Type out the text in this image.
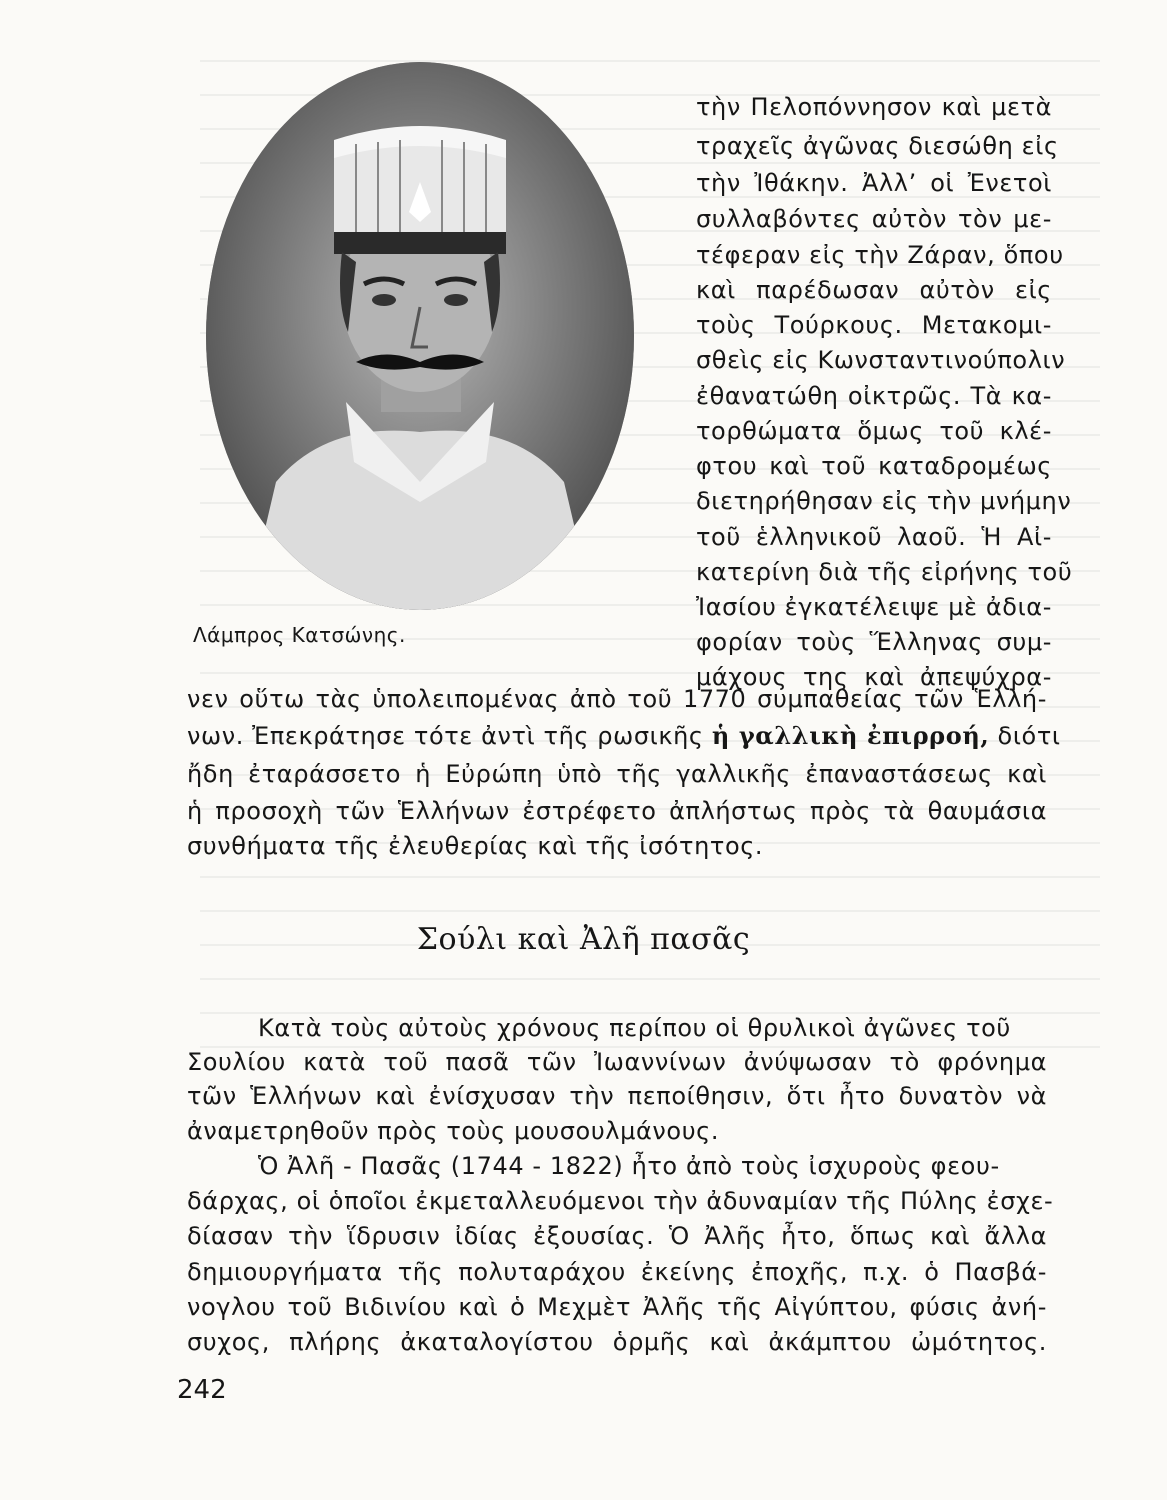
Λάμπρος Κατσώνης.
τὴν Πελοπόννησον καὶ μετὰ
τραχεῖς ἀγῶνας διεσώθη εἰς
τὴν Ἰθάκην. Ἀλλ’ οἱ Ἐνετοὶ
συλλαβόντες αὐτὸν τὸν με-
τέφεραν εἰς τὴν Ζάραν, ὅπου
καὶ παρέδωσαν αὐτὸν εἰς
τοὺς Τούρκους. Μετακομι-
σθεὶς εἰς Κωνσταντινούπολιν
ἐθανατώθη οἰκτρῶς. Τὰ κα-
τορθώματα ὅμως τοῦ κλέ-
φτου καὶ τοῦ καταδρομέως
διετηρήθησαν εἰς τὴν μνήμην
τοῦ ἑλληνικοῦ λαοῦ. Ἡ Αἰ-
κατερίνη διὰ τῆς εἰρήνης τοῦ
Ἰασίου ἐγκατέλειψε μὲ ἀδια-
φορίαν τοὺς Ἕλληνας συμ-
μάχους της καὶ ἀπεψύχρα-
νεν οὕτω τὰς ὑπολειπομένας ἀπὸ τοῦ 1770 συμπαθείας τῶν Ἑλλή-
νων. Ἐπεκράτησε τότε ἀντὶ τῆς ρωσικῆς ἡ γαλλικὴ ἐπιρροή, διότι
ἤδη ἐταράσσετο ἡ Εὐρώπη ὑπὸ τῆς γαλλικῆς ἐπαναστάσεως καὶ
ἡ προσοχὴ τῶν Ἑλλήνων ἐστρέφετο ἀπλήστως πρὸς τὰ θαυμάσια
συνθήματα τῆς ἐλευθερίας καὶ τῆς ἰσότητος.
Σούλι καὶ Ἀλῆ πασᾶς
Κατὰ τοὺς αὐτοὺς χρόνους περίπου οἱ θρυλικοὶ ἀγῶνες τοῦ
Σουλίου κατὰ τοῦ πασᾶ τῶν Ἰωαννίνων ἀνύψωσαν τὸ φρόνημα
τῶν Ἑλλήνων καὶ ἐνίσχυσαν τὴν πεποίθησιν, ὅτι ἦτο δυνατὸν νὰ
ἀναμετρηθοῦν πρὸς τοὺς μουσουλμάνους.
Ὁ Ἀλῆ - Πασᾶς (1744 - 1822) ἦτο ἀπὸ τοὺς ἰσχυροὺς φεου-
δάρχας, οἱ ὁποῖοι ἐκμεταλλευόμενοι τὴν ἀδυναμίαν τῆς Πύλης ἐσχε-
δίασαν τὴν ἵδρυσιν ἰδίας ἐξουσίας. Ὁ Ἀλῆς ἦτο, ὅπως καὶ ἄλλα
δημιουργήματα τῆς πολυταράχου ἐκείνης ἐποχῆς, π.χ. ὁ Πασβά-
νογλου τοῦ Βιδινίου καὶ ὁ Μεχμὲτ Ἀλῆς τῆς Αἰγύπτου, φύσις ἀνή-
συχος, πλήρης ἀκαταλογίστου ὁρμῆς καὶ ἀκάμπτου ὠμότητος.
242
